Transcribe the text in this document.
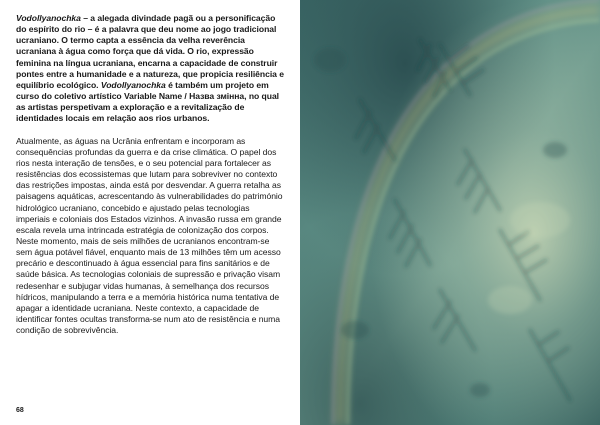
Vodollyanochka – a alegada divindade pagã ou a personificação do espírito do rio – é a palavra que deu nome ao jogo tradicional ucraniano. O termo capta a essência da velha reverência ucraniana à água como força que dá vida. O rio, expressão feminina na língua ucraniana, encarna a capacidade de construir pontes entre a humanidade e a natureza, que propicia resiliência e equilíbrio ecológico. Vodollyanochka é também um projeto em curso do coletivo artístico Variable Name / Назва змінна, no qual as artistas perspetivam a exploração e a revitalização de identidades locais em relação aos rios urbanos.

Atualmente, as águas na Ucrânia enfrentam e incorporam as consequências profundas da guerra e da crise climática. O papel dos rios nesta interação de tensões, e o seu potencial para fortalecer as resistências dos ecossistemas que lutam para sobreviver no contexto das restrições impostas, ainda está por desvendar. A guerra retalha as paisagens aquáticas, acrescentando às vulnerabilidades do património hidrológico ucraniano, concebido e ajustado pelas tecnologias imperiais e coloniais dos Estados vizinhos. A invasão russa em grande escala revela uma intrincada estratégia de colonização dos corpos. Neste momento, mais de seis milhões de ucranianos encontram-se sem água potável fiável, enquanto mais de 13 milhões têm um acesso precário e descontinuado à água essencial para fins sanitários e de saúde básica. As tecnologias coloniais de supressão e privação visam redesenhar e subjugar vidas humanas, à semelhança dos recursos hídricos, manipulando a terra e a memória histórica numa tentativa de apagar a identidade ucraniana. Neste contexto, a capacidade de identificar fontes ocultas transforma-se num ato de resistência e numa condição de sobrevivência.

68
